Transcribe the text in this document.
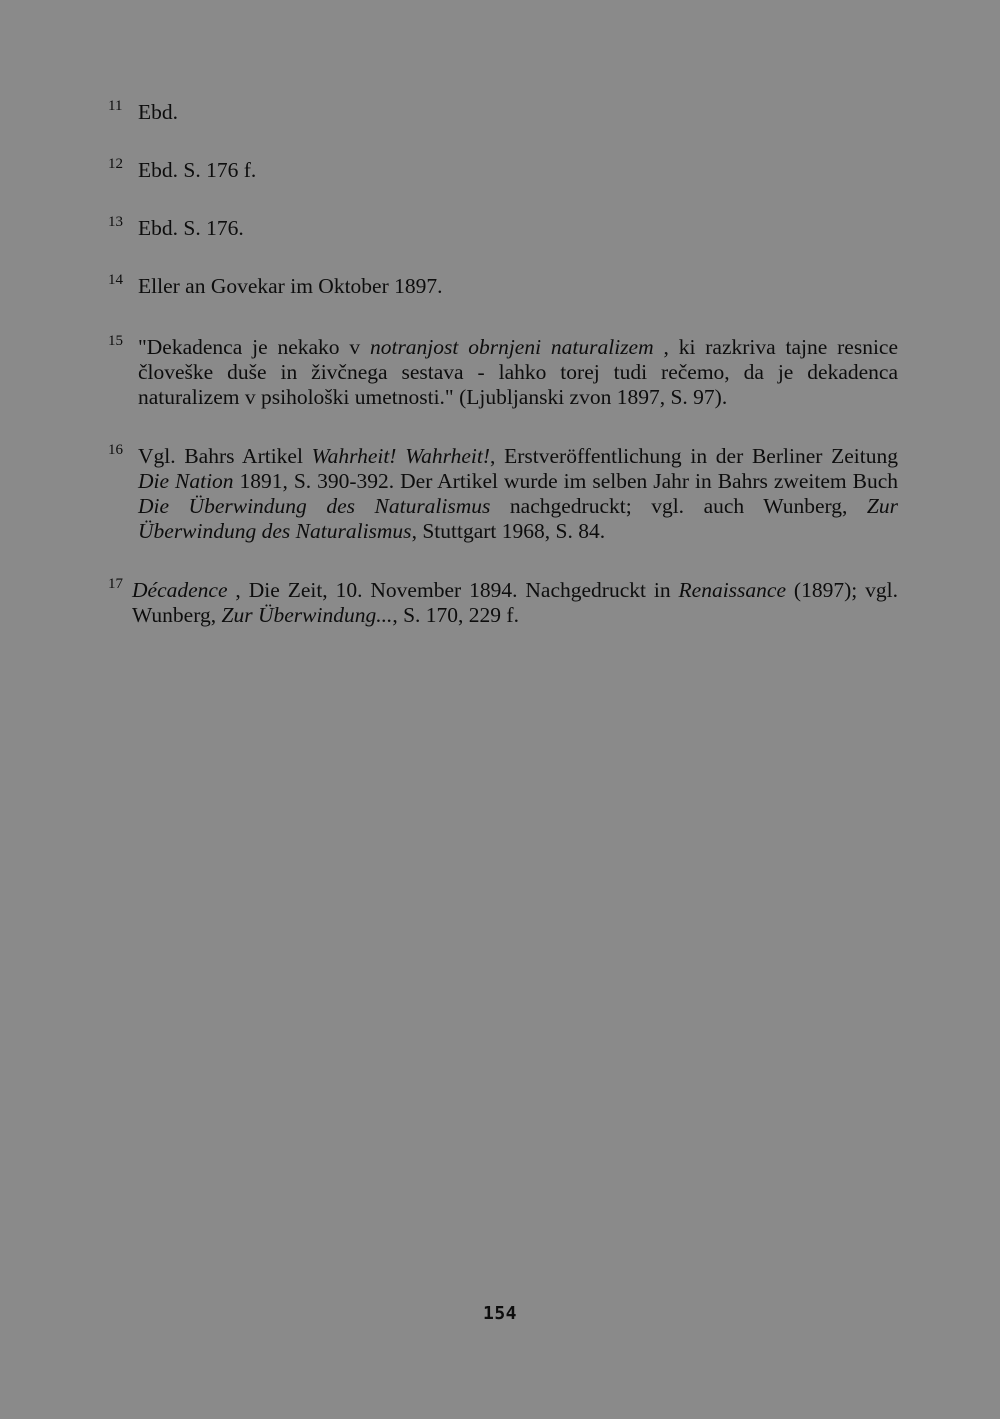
11 Ebd.
12 Ebd. S. 176 f.
13 Ebd. S. 176.
14 Eller an Govekar im Oktober 1897.
15 "Dekadenca je nekako v notranjost obrnjeni naturalizem , ki razkriva tajne resnice človeške duše in živčnega sestava - lahko torej tudi rečemo, da je dekadenca naturalizem v psihološki umetnosti." (Ljubljanski zvon 1897, S. 97).
16 Vgl. Bahrs Artikel Wahrheit! Wahrheit!, Erstveröffentlichung in der Berliner Zeitung Die Nation 1891, S. 390-392. Der Artikel wurde im selben Jahr in Bahrs zweitem Buch Die Überwindung des Naturalismus nachgedruckt; vgl. auch Wunberg, Zur Überwindung des Naturalismus, Stuttgart 1968, S. 84.
17 Décadence , Die Zeit, 10. November 1894. Nachgedruckt in Renaissance (1897); vgl. Wunberg, Zur Überwindung..., S. 170, 229 f.
154
